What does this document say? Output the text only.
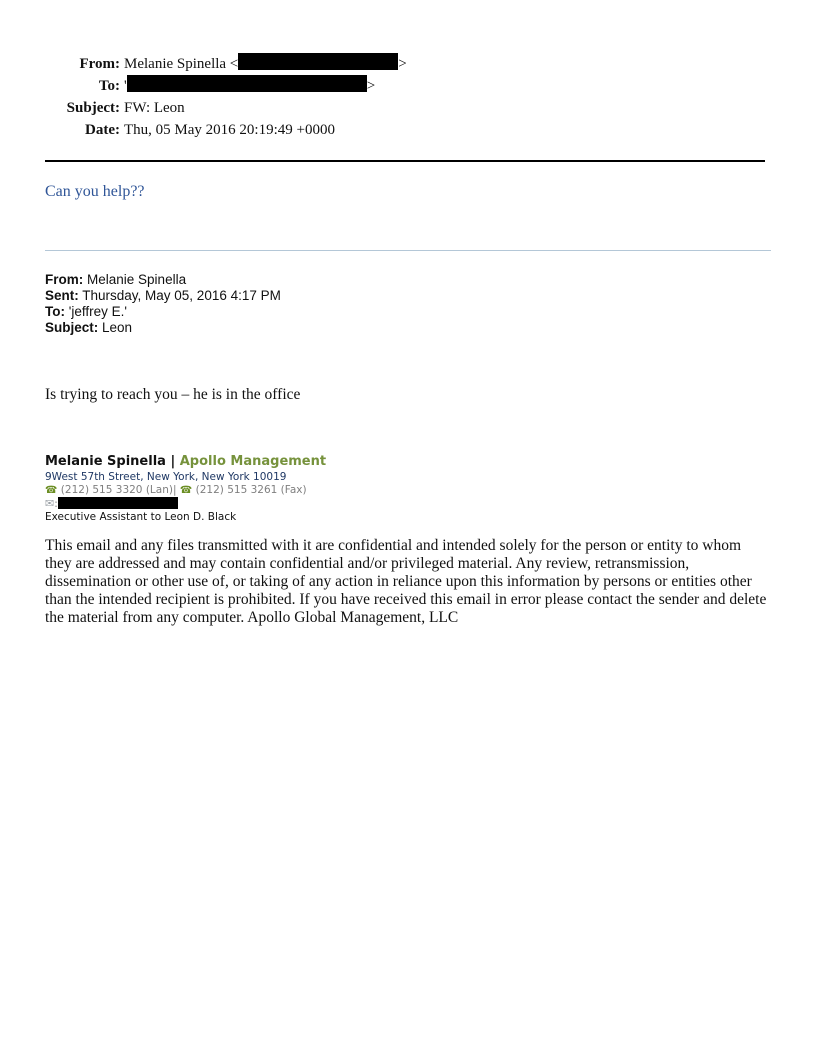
From: Melanie Spinella <	>
To: '	>
Subject: FW: Leon
Date: Thu, 05 May 2016 20:19:49 +0000
Can you help??
From: Melanie Spinella
Sent: Thursday, May 05, 2016 4:17 PM
To: 'jeffrey E.'
Subject: Leon
Is trying to reach you – he is in the office
Melanie Spinella | Apollo Management
9West 57th Street, New York, New York 10019
☎ (212) 515 3320 (Lan)| ☎ (212) 515 3261 (Fax)
✉:
Executive Assistant to Leon D. Black
This email and any files transmitted with it are confidential and intended solely for the person or entity to whom they are addressed and may contain confidential and/or privileged material. Any review, retransmission, dissemination or other use of, or taking of any action in reliance upon this information by persons or entities other than the intended recipient is prohibited. If you have received this email in error please contact the sender and delete the material from any computer. Apollo Global Management, LLC
